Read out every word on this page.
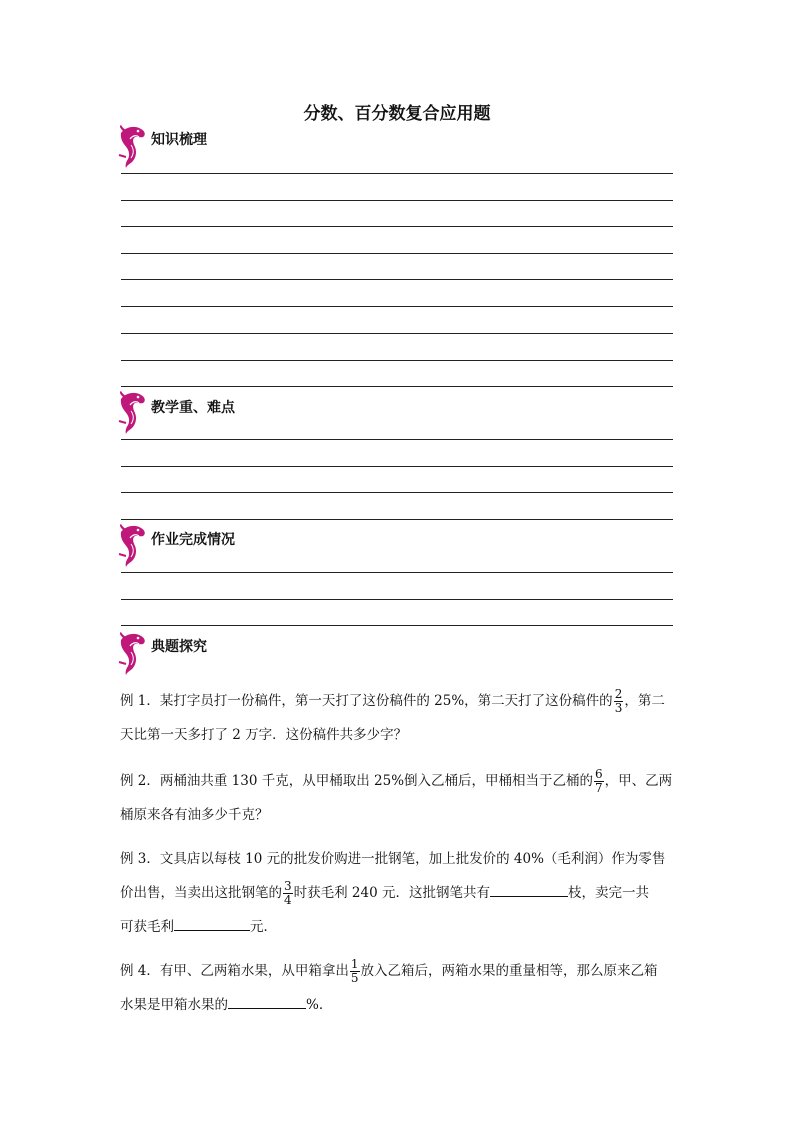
分数、百分数复合应用题
知识梳理
教学重、难点
作业完成情况
典题探究
例 1．某打字员打一份稿件，第一天打了这份稿件的 25%，第二天打了这份稿件的 $\frac{2}{3}$ ，第二
天比第一天多打了 2 万字．这份稿件共多少字？
例 2．两桶油共重 130 千克，从甲桶取出 25%倒入乙桶后，甲桶相当于乙桶的 $\frac{6}{7}$ ，甲、乙两
桶原来各有油多少千克？
例 3．文具店以每枝 10 元的批发价购进一批钢笔，加上批发价的 40%（毛利润）作为零售
价出售，当卖出这批钢笔的 $\frac{3}{4}$ 时获毛利 240 元．这批钢笔共有	枝，卖完一共
可获毛利	元．
例 4．有甲、乙两箱水果，从甲箱拿出 $\frac{1}{5}$ 放入乙箱后，两箱水果的重量相等，那么原来乙箱
水果是甲箱水果的	%．
